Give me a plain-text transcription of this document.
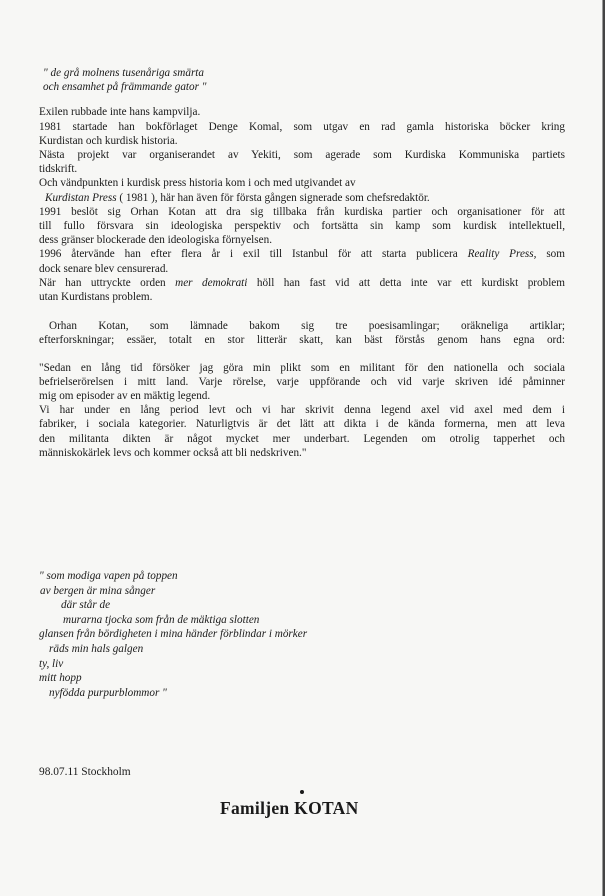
" de grå molnens tusenåriga smärta
och ensamhet på främmande gator "
Exilen rubbade inte hans kampvilja.
1981 startade han bokförlaget Denge Komal, som utgav en rad gamla historiska böcker kring
Kurdistan och kurdisk historia.
Nästa projekt var organiserandet av Yekiti, som agerade som Kurdiska Kommuniska partiets
tidskrift.
Och vändpunkten i kurdisk press historia kom i och med utgivandet av
Kurdistan Press ( 1981 ), här han även för första gången signerade som chefsredaktör.
1991 beslöt sig Orhan Kotan att dra sig tillbaka från kurdiska partier och organisationer för att
till fullo försvara sin ideologiska perspektiv och fortsätta sin kamp som kurdisk intellektuell,
dess gränser blockerade den ideologiska förnyelsen.
1996 återvände han efter flera år i exil till Istanbul för att starta publicera Reality Press, som
dock senare blev censurerad.
När han uttryckte orden mer demokrati höll han fast vid att detta inte var ett kurdiskt problem
utan Kurdistans problem.
Orhan Kotan, som lämnade bakom sig tre poesisamlingar; oräkneliga artiklar;
efterforskningar; essäer, totalt en stor litterär skatt, kan bäst förstås genom hans egna ord:
"Sedan en lång tid försöker jag göra min plikt som en militant för den nationella och sociala
befrielserörelsen i mitt land. Varje rörelse, varje uppförande och vid varje skriven idé påminner
mig om episoder av en mäktig legend.
Vi har under en lång period levt och vi har skrivit denna legend axel vid axel med dem i
fabriker, i sociala kategorier. Naturligtvis är det lätt att dikta i de kända formerna, men att leva
den militanta dikten är något mycket mer underbart. Legenden om otrolig tapperhet och
människokärlek levs och kommer också att bli nedskriven."
" som modiga vapen på toppen
av bergen är mina sånger
där står de
murarna tjocka som från de mäktiga slotten
glansen från bördigheten i mina händer förblindar i mörker
räds min hals galgen
ty, liv
mitt hopp
nyfödda purpurblommor "
98.07.11 Stockholm
Familjen KOTAN
